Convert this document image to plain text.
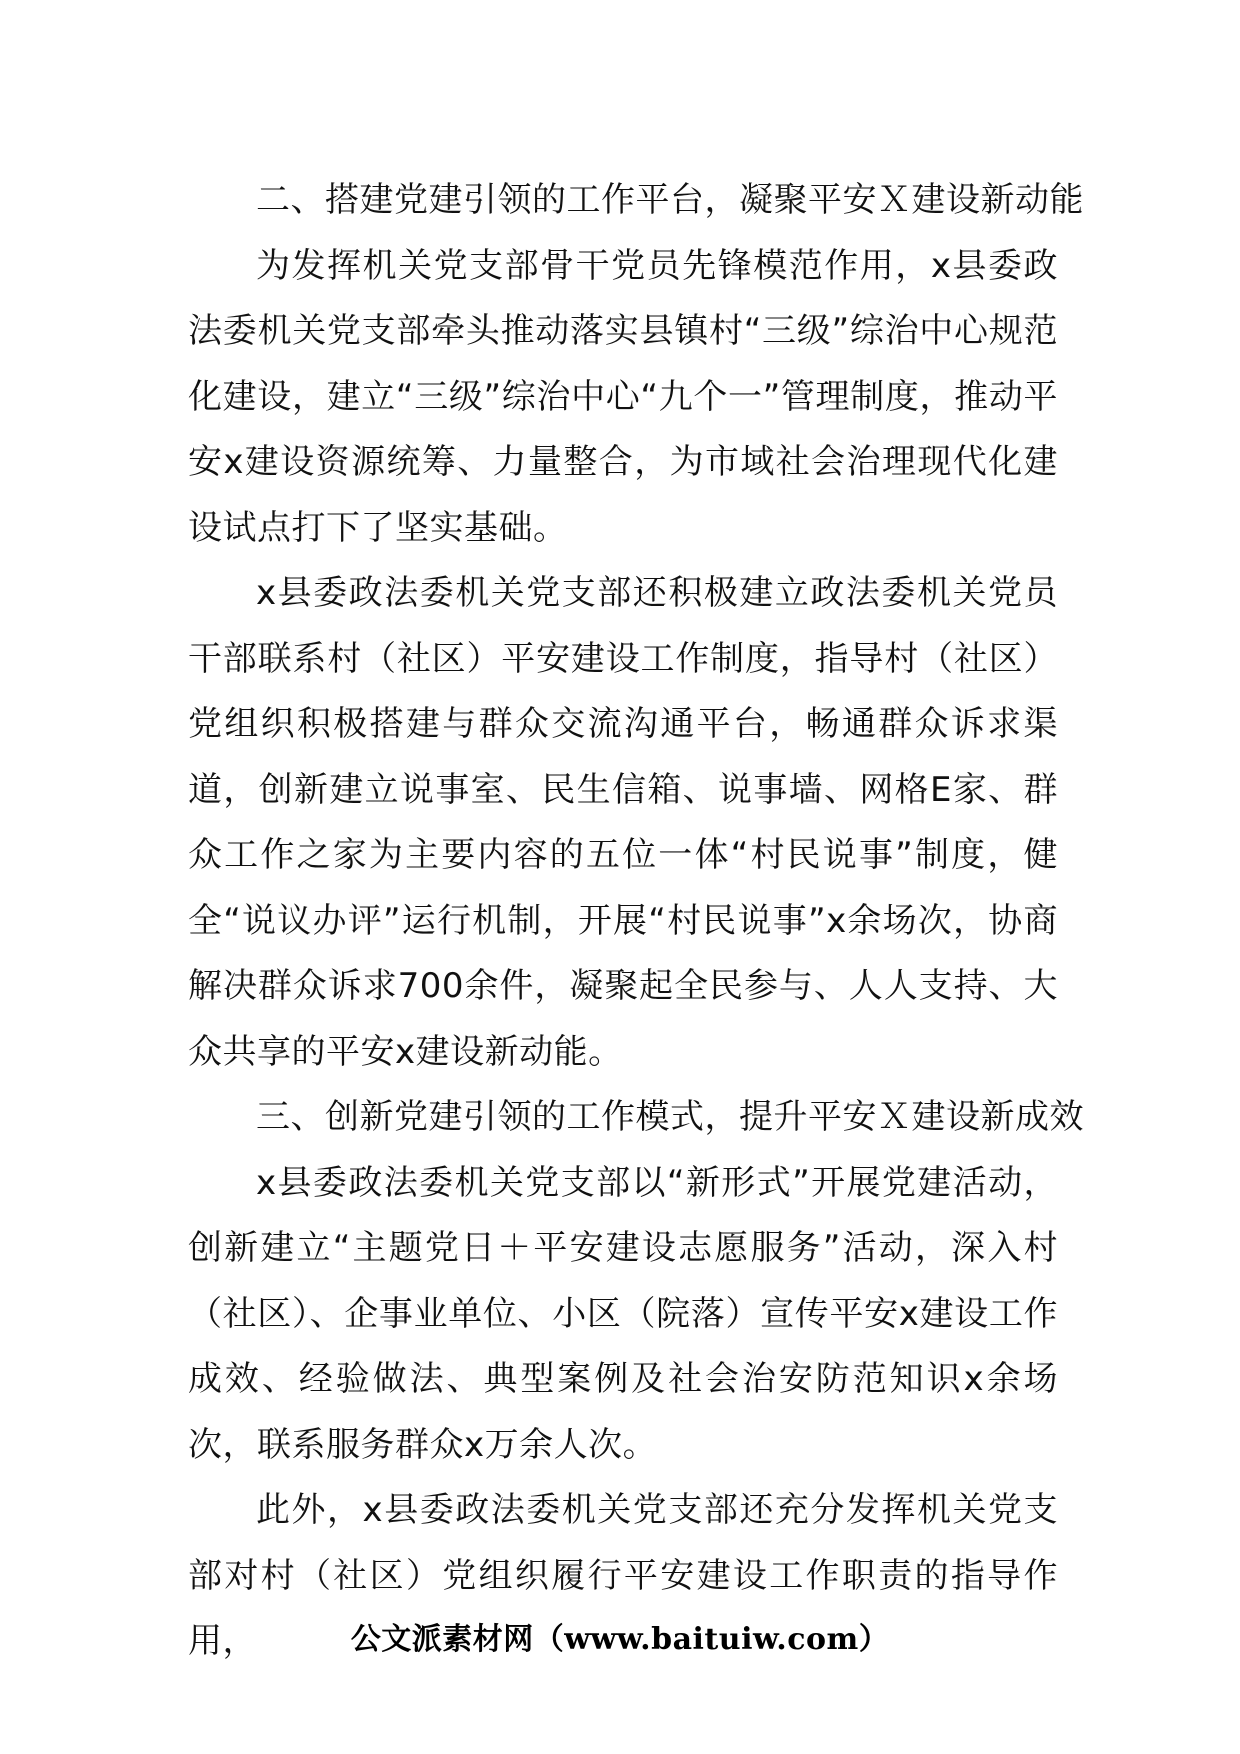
二、搭建党建引领的工作平台，凝聚平安Ｘ建设新动能

为发挥机关党支部骨干党员先锋模范作用，x县委政法委机关党支部牵头推动落实县镇村“三级”综治中心规范化建设，建立“三级”综治中心“九个一”管理制度，推动平安x建设资源统筹、力量整合，为市域社会治理现代化建设试点打下了坚实基础。

x县委政法委机关党支部还积极建立政法委机关党员干部联系村（社区）平安建设工作制度，指导村（社区）党组织积极搭建与群众交流沟通平台，畅通群众诉求渠道，创新建立说事室、民生信箱、说事墙、网格E家、群众工作之家为主要内容的五位一体“村民说事”制度，健全“说议办评”运行机制，开展“村民说事”x余场次，协商解决群众诉求700余件，凝聚起全民参与、人人支持、大众共享的平安x建设新动能。

三、创新党建引领的工作模式，提升平安Ｘ建设新成效

x县委政法委机关党支部以“新形式”开展党建活动，创新建立“主题党日＋平安建设志愿服务”活动，深入村（社区）、企事业单位、小区（院落）宣传平安x建设工作成效、经验做法、典型案例及社会治安防范知识x余场次，联系服务群众x万余人次。

此外，x县委政法委机关党支部还充分发挥机关党支部对村（社区）党组织履行平安建设工作职责的指导作用，	公文派素材网（www.baituiw.com）
